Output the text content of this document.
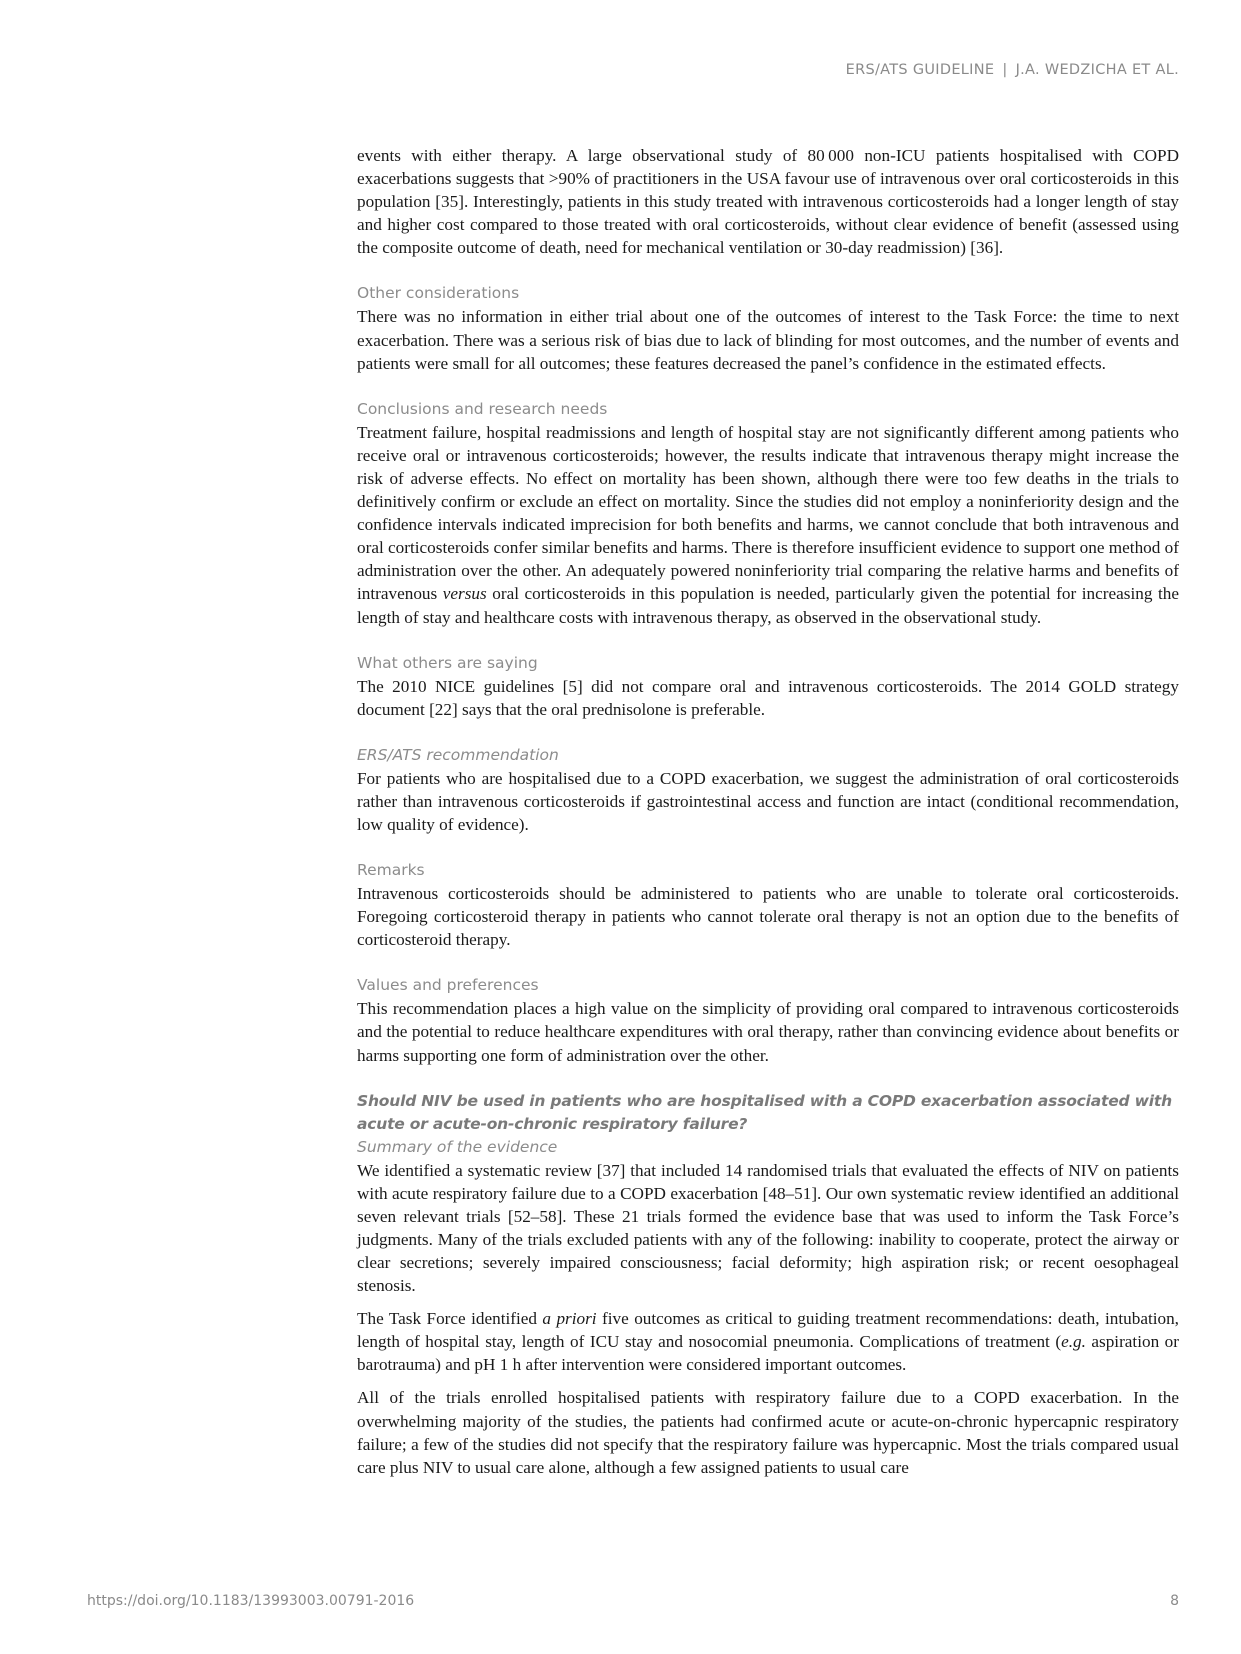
ERS/ATS GUIDELINE | J.A. WEDZICHA ET AL.

events with either therapy. A large observational study of 80 000 non-ICU patients hospitalised with COPD exacerbations suggests that >90% of practitioners in the USA favour use of intravenous over oral corticosteroids in this population [35]. Interestingly, patients in this study treated with intravenous corticosteroids had a longer length of stay and higher cost compared to those treated with oral corticosteroids, without clear evidence of benefit (assessed using the composite outcome of death, need for mechanical ventilation or 30-day readmission) [36].

Other considerations

There was no information in either trial about one of the outcomes of interest to the Task Force: the time to next exacerbation. There was a serious risk of bias due to lack of blinding for most outcomes, and the number of events and patients were small for all outcomes; these features decreased the panel’s confidence in the estimated effects.

Conclusions and research needs

Treatment failure, hospital readmissions and length of hospital stay are not significantly different among patients who receive oral or intravenous corticosteroids; however, the results indicate that intravenous therapy might increase the risk of adverse effects. No effect on mortality has been shown, although there were too few deaths in the trials to definitively confirm or exclude an effect on mortality. Since the studies did not employ a noninferiority design and the confidence intervals indicated imprecision for both benefits and harms, we cannot conclude that both intravenous and oral corticosteroids confer similar benefits and harms. There is therefore insufficient evidence to support one method of administration over the other. An adequately powered noninferiority trial comparing the relative harms and benefits of intravenous versus oral corticosteroids in this population is needed, particularly given the potential for increasing the length of stay and healthcare costs with intravenous therapy, as observed in the observational study.

What others are saying

The 2010 NICE guidelines [5] did not compare oral and intravenous corticosteroids. The 2014 GOLD strategy document [22] says that the oral prednisolone is preferable.

ERS/ATS recommendation

For patients who are hospitalised due to a COPD exacerbation, we suggest the administration of oral corticosteroids rather than intravenous corticosteroids if gastrointestinal access and function are intact (conditional recommendation, low quality of evidence).

Remarks

Intravenous corticosteroids should be administered to patients who are unable to tolerate oral corticosteroids. Foregoing corticosteroid therapy in patients who cannot tolerate oral therapy is not an option due to the benefits of corticosteroid therapy.

Values and preferences

This recommendation places a high value on the simplicity of providing oral compared to intravenous corticosteroids and the potential to reduce healthcare expenditures with oral therapy, rather than convincing evidence about benefits or harms supporting one form of administration over the other.

Should NIV be used in patients who are hospitalised with a COPD exacerbation associated with acute or acute-on-chronic respiratory failure?
Summary of the evidence

We identified a systematic review [37] that included 14 randomised trials that evaluated the effects of NIV on patients with acute respiratory failure due to a COPD exacerbation [48–51]. Our own systematic review identified an additional seven relevant trials [52–58]. These 21 trials formed the evidence base that was used to inform the Task Force’s judgments. Many of the trials excluded patients with any of the following: inability to cooperate, protect the airway or clear secretions; severely impaired consciousness; facial deformity; high aspiration risk; or recent oesophageal stenosis.

The Task Force identified a priori five outcomes as critical to guiding treatment recommendations: death, intubation, length of hospital stay, length of ICU stay and nosocomial pneumonia. Complications of treatment (e.g. aspiration or barotrauma) and pH 1 h after intervention were considered important outcomes.

All of the trials enrolled hospitalised patients with respiratory failure due to a COPD exacerbation. In the overwhelming majority of the studies, the patients had confirmed acute or acute-on-chronic hypercapnic respiratory failure; a few of the studies did not specify that the respiratory failure was hypercapnic. Most the trials compared usual care plus NIV to usual care alone, although a few assigned patients to usual care

https://doi.org/10.1183/13993003.00791-2016	8
